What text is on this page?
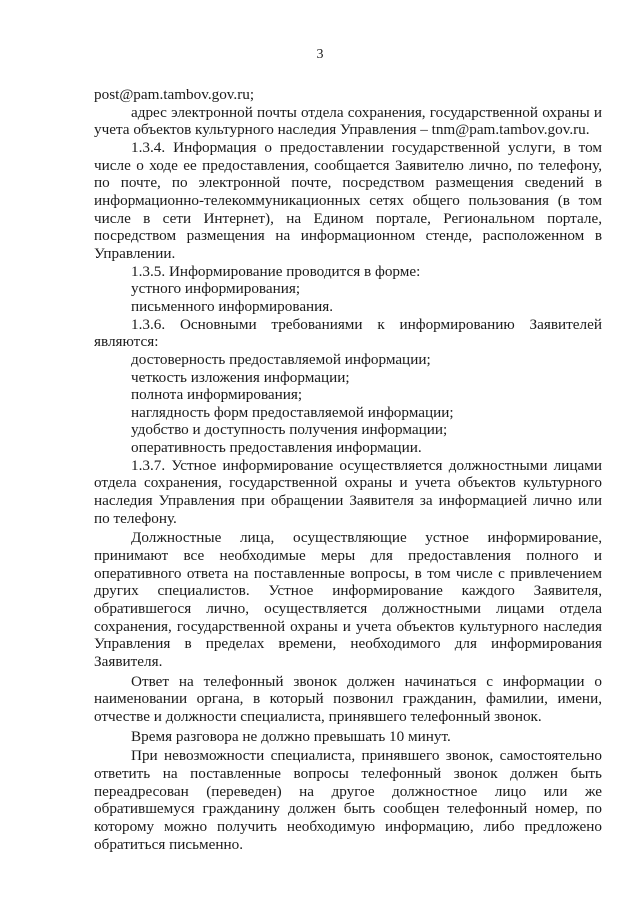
3

post@pam.tambov.gov.ru;

адрес электронной почты отдела сохранения, государственной охраны и учета объектов культурного наследия Управления – tnm@pam.tambov.gov.ru.

1.3.4. Информация о предоставлении государственной услуги, в том числе о ходе ее предоставления, сообщается Заявителю лично, по телефону, по почте, по электронной почте, посредством размещения сведений в информационно-телекоммуникационных сетях общего пользования (в том числе в сети Интернет), на Едином портале, Региональном портале, посредством размещения на информационном стенде, расположенном в Управлении.

1.3.5. Информирование проводится в форме:

устного информирования;

письменного информирования.

1.3.6. Основными требованиями к информированию Заявителей являются:

достоверность предоставляемой информации;

четкость изложения информации;

полнота информирования;

наглядность форм предоставляемой информации;

удобство и доступность получения информации;

оперативность предоставления информации.

1.3.7. Устное информирование осуществляется должностными лицами отдела сохранения, государственной охраны и учета объектов культурного наследия Управления при обращении Заявителя за информацией лично или по телефону.

Должностные лица, осуществляющие устное информирование, принимают все необходимые меры для предоставления полного и оперативного ответа на поставленные вопросы, в том числе с привлечением других специалистов. Устное информирование каждого Заявителя, обратившегося лично, осуществляется должностными лицами отдела сохранения, государственной охраны и учета объектов культурного наследия Управления в пределах времени, необходимого для информирования Заявителя.

Ответ на телефонный звонок должен начинаться с информации о наименовании органа, в который позвонил гражданин, фамилии, имени, отчестве и должности специалиста, принявшего телефонный звонок.

Время разговора не должно превышать 10 минут.

При невозможности специалиста, принявшего звонок, самостоятельно ответить на поставленные вопросы телефонный звонок должен быть переадресован (переведен) на другое должностное лицо или же обратившемуся гражданину должен быть сообщен телефонный номер, по которому можно получить необходимую информацию, либо предложено обратиться письменно.
